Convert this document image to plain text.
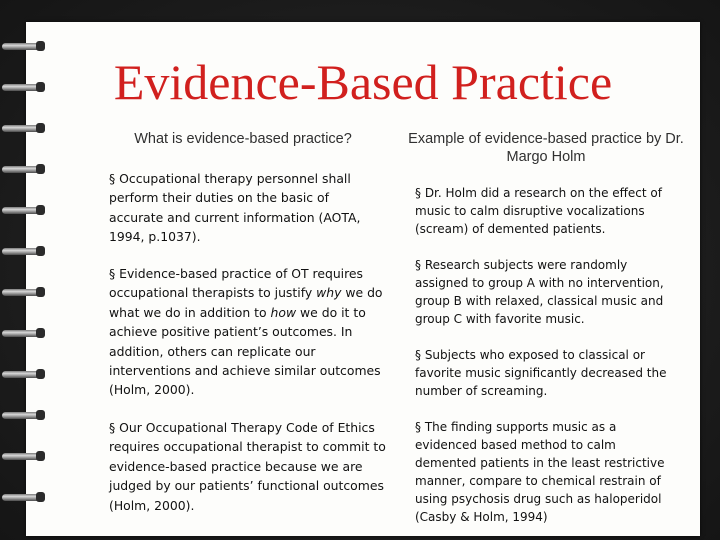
Evidence-Based Practice
What is evidence-based practice?	Example of evidence-based practice by Dr. Margo Holm
§ Occupational therapy personnel shall perform their duties on the basic of accurate and current information (AOTA, 1994, p.1037).
§ Evidence-based practice of OT requires occupational therapists to justify why we do what we do in addition to how we do it to achieve positive patient’s outcomes. In addition, others can replicate our interventions and achieve similar outcomes (Holm, 2000).
§ Our Occupational Therapy Code of Ethics requires occupational therapist to commit to evidence-based practice because we are judged by our patients’ functional outcomes (Holm, 2000).
§ Dr. Holm did a research on the effect of music to calm disruptive vocalizations (scream) of demented patients.
§ Research subjects were randomly assigned to group A with no intervention, group B with relaxed, classical music and group C with favorite music.
§ Subjects who exposed to classical or favorite music significantly decreased the number of screaming.
§ The finding supports music as a evidenced based method to calm demented patients in the least restrictive manner, compare to chemical restrain of using psychosis drug such as haloperidol (Casby & Holm, 1994)
